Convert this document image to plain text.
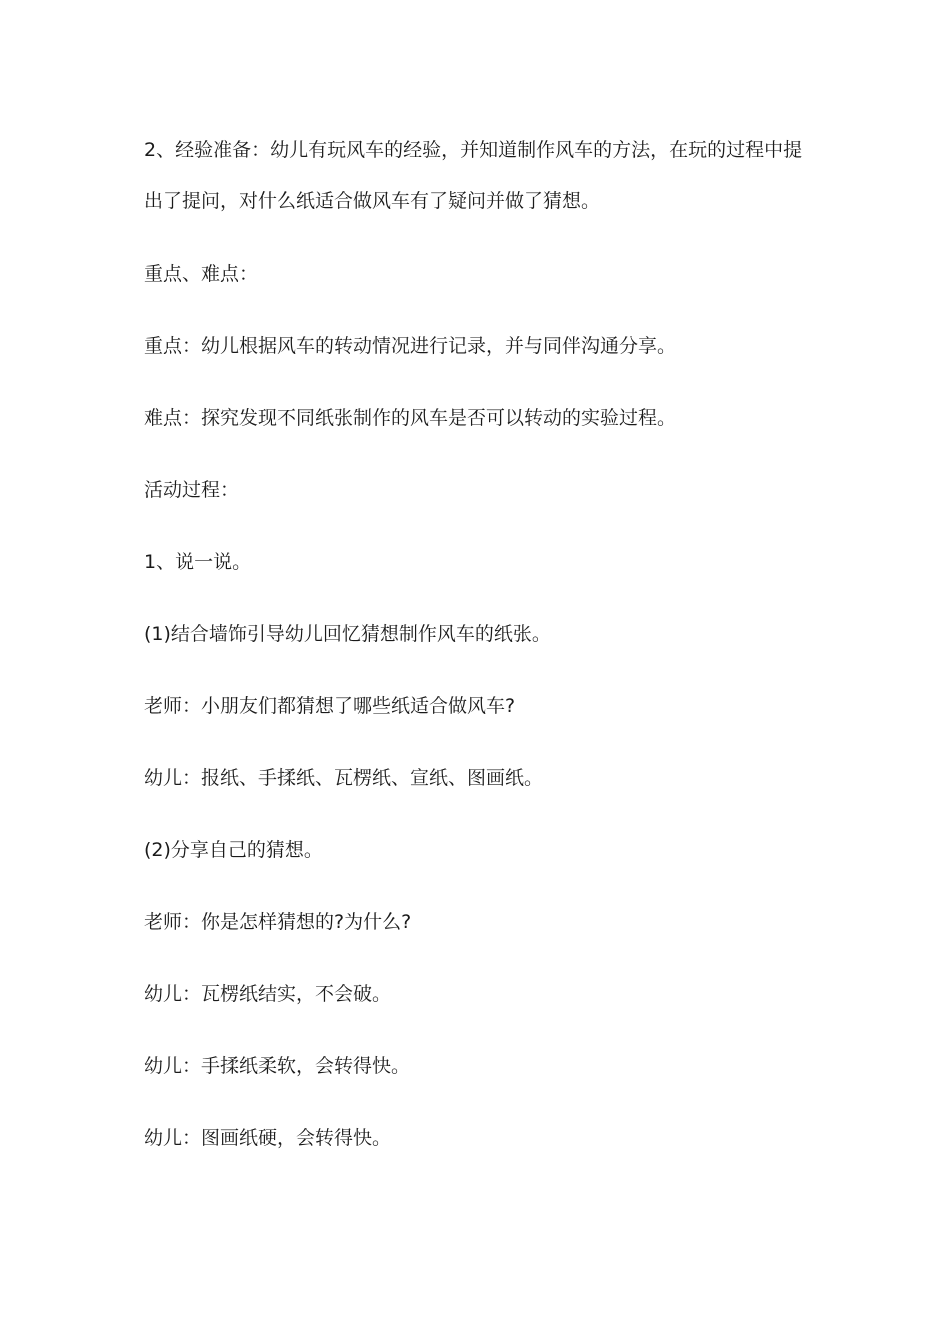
2、经验准备：幼儿有玩风车的经验，并知道制作风车的方法，在玩的过程中提出了提问，对什么纸适合做风车有了疑问并做了猜想。

重点、难点：

重点：幼儿根据风车的转动情况进行记录，并与同伴沟通分享。

难点：探究发现不同纸张制作的风车是否可以转动的实验过程。

活动过程：

1、说一说。

(1)结合墙饰引导幼儿回忆猜想制作风车的纸张。

老师：小朋友们都猜想了哪些纸适合做风车?

幼儿：报纸、手揉纸、瓦楞纸、宣纸、图画纸。

(2)分享自己的猜想。

老师：你是怎样猜想的?为什么?

幼儿：瓦楞纸结实，不会破。

幼儿：手揉纸柔软，会转得快。

幼儿：图画纸硬，会转得快。
